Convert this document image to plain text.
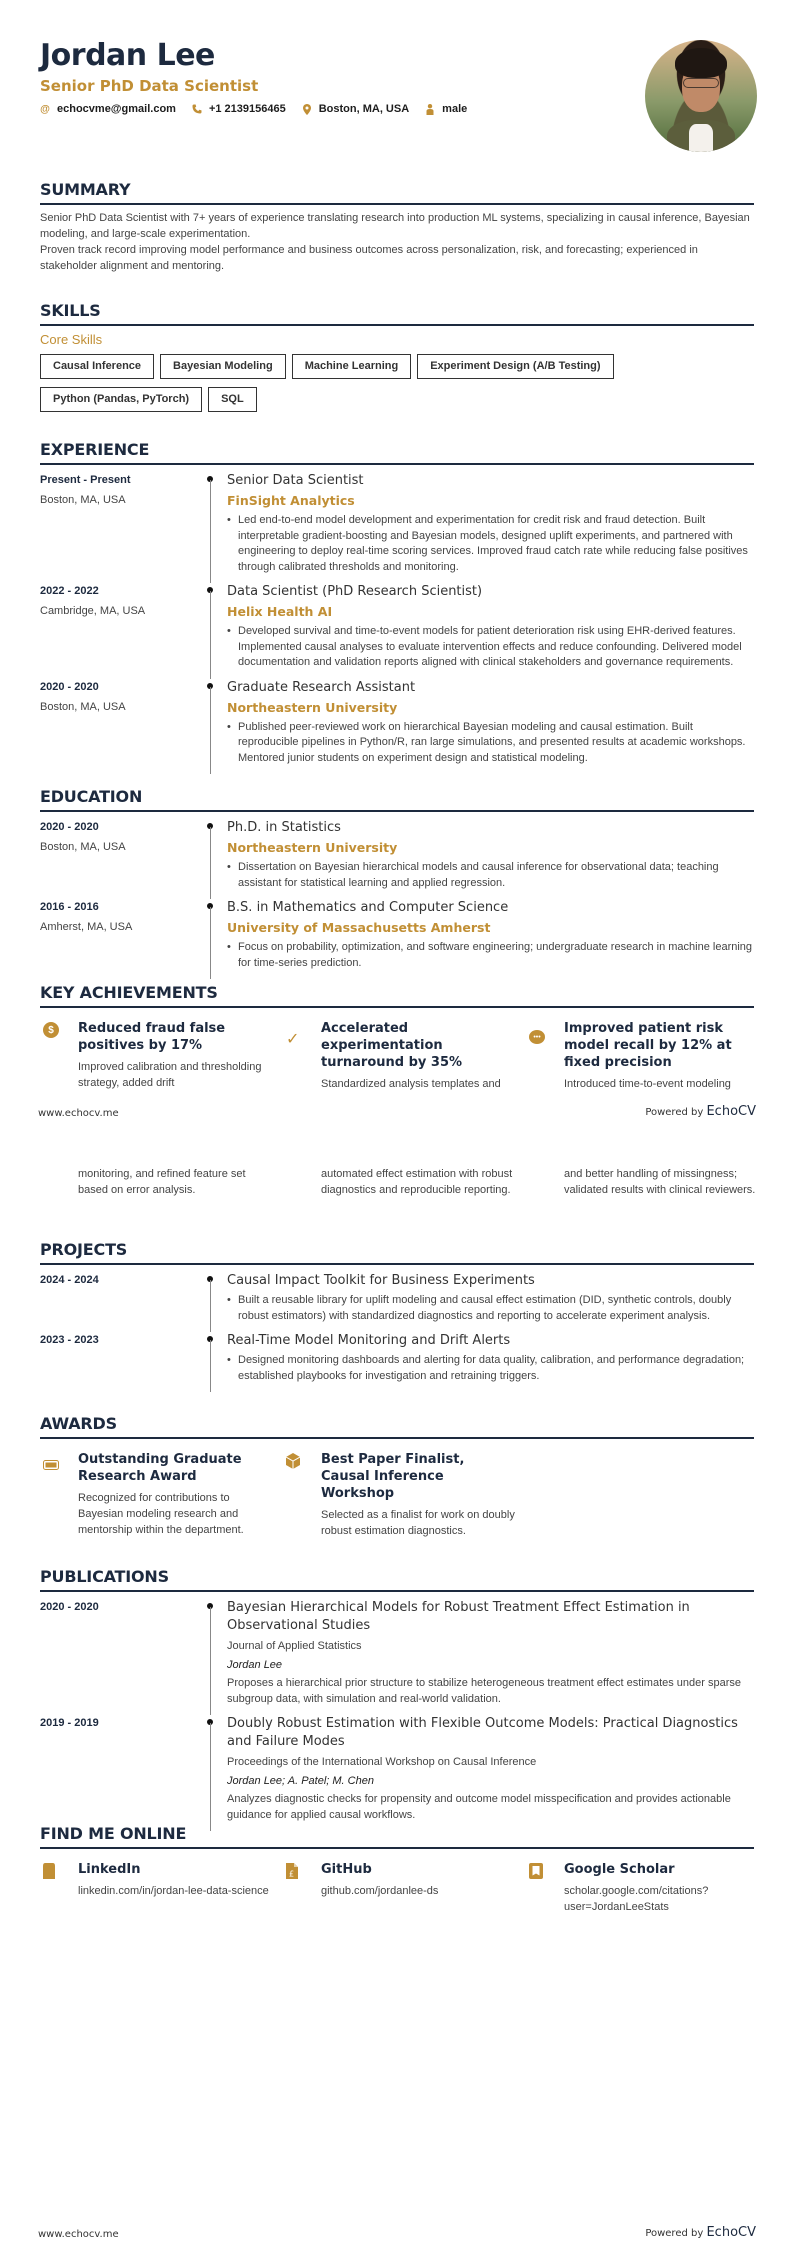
Jordan Lee
Senior PhD Data Scientist
@ echocvme@gmail.com	+1 2139156465	Boston, MA, USA	male
SUMMARY

Senior PhD Data Scientist with 7+ years of experience translating research into production ML systems, specializing in causal inference, Bayesian modeling, and large-scale experimentation.

Proven track record improving model performance and business outcomes across personalization, risk, and forecasting; experienced in stakeholder alignment and mentoring.

SKILLS
Core Skills
Causal Inference	Bayesian Modeling	Machine Learning	Experiment Design (A/B Testing)
Python (Pandas, PyTorch)	SQL
EXPERIENCE
Present - Present
Boston, MA, USA
Senior Data Scientist
FinSight Analytics
• Led end-to-end model development and experimentation for credit risk and fraud detection. Built interpretable gradient-boosting and Bayesian models, designed uplift experiments, and partnered with engineering to deploy real-time scoring services. Improved fraud catch rate while reducing false positives through calibrated thresholds and monitoring.
2022 - 2022
Cambridge, MA, USA
Data Scientist (PhD Research Scientist)
Helix Health AI
• Developed survival and time-to-event models for patient deterioration risk using EHR-derived features. Implemented causal analyses to evaluate intervention effects and reduce confounding. Delivered model documentation and validation reports aligned with clinical stakeholders and governance requirements.
2020 - 2020
Boston, MA, USA
Graduate Research Assistant
Northeastern University
• Published peer-reviewed work on hierarchical Bayesian modeling and causal estimation. Built reproducible pipelines in Python/R, ran large simulations, and presented results at academic workshops. Mentored junior students on experiment design and statistical modeling.
EDUCATION
2020 - 2020
Boston, MA, USA
Ph.D. in Statistics
Northeastern University
• Dissertation on Bayesian hierarchical models and causal inference for observational data; teaching assistant for statistical learning and applied regression.
2016 - 2016
Amherst, MA, USA
B.S. in Mathematics and Computer Science
University of Massachusetts Amherst
• Focus on probability, optimization, and software engineering; undergraduate research in machine learning for time-series prediction.
KEY ACHIEVEMENTS
$	Reduced fraud false positives by 17%
Improved calibration and thresholding strategy, added drift
✓
Accelerated experimentation turnaround by 35%
Standardized analysis templates and
•••
Improved patient risk model recall by 12% at fixed precision
Introduced time-to-event modeling
www.echocv.me	Powered by EchoCV
monitoring, and refined feature set based on error analysis.
automated effect estimation with robust diagnostics and reproducible reporting.
and better handling of missingness; validated results with clinical reviewers.
PROJECTS
2024 - 2024	Causal Impact Toolkit for Business Experiments
• Built a reusable library for uplift modeling and causal effect estimation (DID, synthetic controls, doubly robust estimators) with standardized diagnostics and reporting to accelerate experiment analysis.
2023 - 2023	Real-Time Model Monitoring and Drift Alerts
• Designed monitoring dashboards and alerting for data quality, calibration, and performance degradation; established playbooks for investigation and retraining triggers.
AWARDS
Outstanding Graduate Research Award
Recognized for contributions to Bayesian modeling research and mentorship within the department.
Best Paper Finalist, Causal Inference Workshop
Selected as a finalist for work on doubly robust estimation diagnostics.
PUBLICATIONS
2020 - 2020	Bayesian Hierarchical Models for Robust Treatment Effect Estimation in Observational Studies
Journal of Applied Statistics
Jordan Lee
Proposes a hierarchical prior structure to stabilize heterogeneous treatment effect estimates under sparse subgroup data, with simulation and real-world validation.
2019 - 2019	Doubly Robust Estimation with Flexible Outcome Models: Practical Diagnostics and Failure Modes
Proceedings of the International Workshop on Causal Inference
Jordan Lee; A. Patel; M. Chen
Analyzes diagnostic checks for propensity and outcome model misspecification and provides actionable guidance for applied causal workflows.
FIND ME ONLINE
LinkedIn
linkedin.com/in/jordan-lee-data-science
£ GitHub
github.com/jordanlee-ds
Google Scholar
scholar.google.com/citations?user=JordanLeeStats
www.echocv.me	Powered by EchoCV
